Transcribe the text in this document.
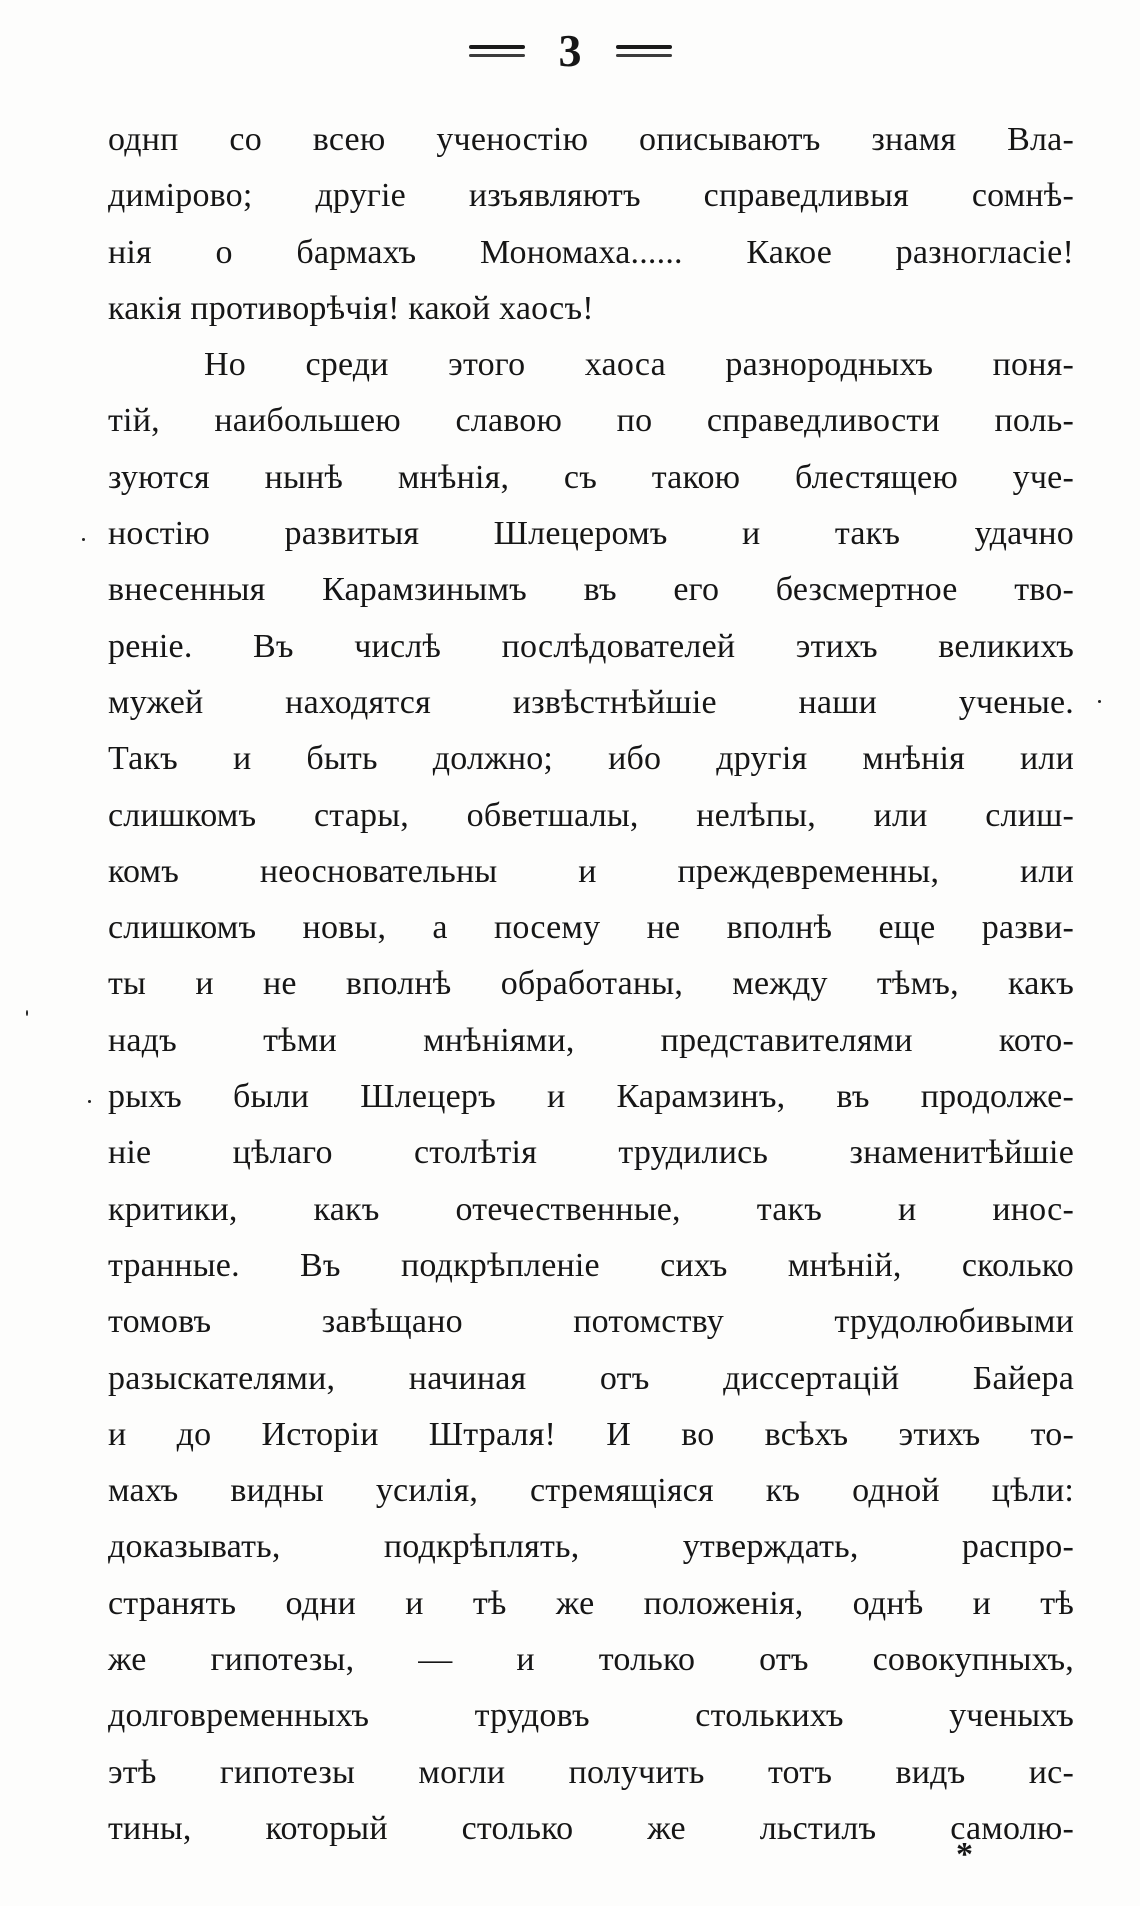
3
однп со всею ученостію описываютъ знамя Вла-
димірово; другіе изъявляютъ справедливыя сомнѣ-
нія о бармахъ Мономаха...... Какое разногласіе!
какія противорѣчія! какой хаосъ!
Но среди этого хаоса разнородныхъ поня-
тій, наибольшею славою по справедливости поль-
зуются нынѣ мнѣнія, съ такою блестящею уче-
ностію развитыя Шлецеромъ и такъ удачно
внесенныя Карамзинымъ въ его безсмертное тво-
реніе. Въ числѣ послѣдователей этихъ великихъ
мужей находятся извѣстнѣйшіе наши ученые.
Такъ и быть должно; ибо другія мнѣнія или
слишкомъ стары, обветшалы, нелѣпы, или слиш-
комъ неосновательны и преждевременны, или
слишкомъ новы, а посему не вполнѣ еще разви-
ты и не вполнѣ обработаны, между тѣмъ, какъ
надъ тѣми мнѣніями, представителями кото-
рыхъ были Шлецеръ и Карамзинъ, въ продолже-
ніе цѣлаго столѣтія трудились знаменитѣйшіе
критики, какъ отечественные, такъ и инос-
транные. Въ подкрѣпленіе сихъ мнѣній, сколько
томовъ завѣщано потомству трудолюбивыми
разыскателями, начиная отъ диссертацій Байера
и до Исторіи Штраля! И во всѣхъ этихъ то-
махъ видны усилія, стремящіяся къ одной цѣли:
доказывать, подкрѣплять, утверждать, распро-
странять одни и тѣ же положенія, однѣ и тѣ
же гипотезы, — и только отъ совокупныхъ,
долговременныхъ трудовъ столькихъ ученыхъ
этѣ гипотезы могли получить тотъ видъ ис-
тины, который столько же льстилъ самолю-
*
